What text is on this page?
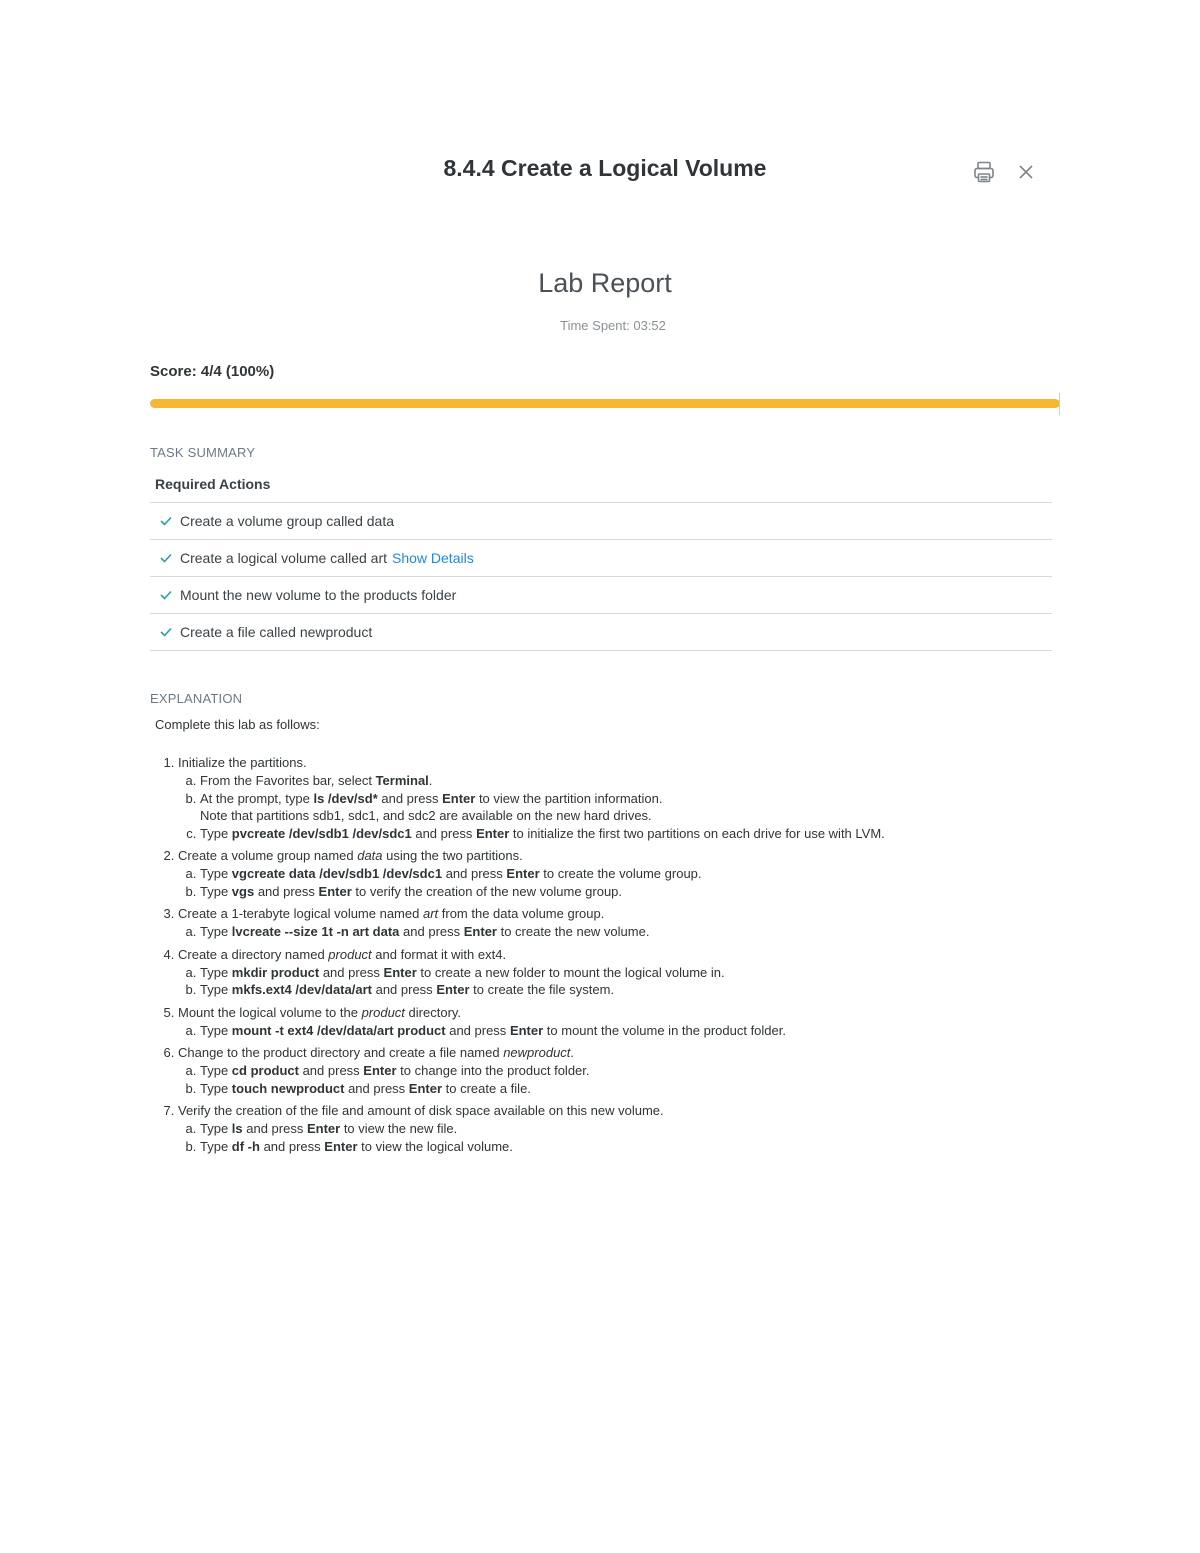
8.4.4 Create a Logical Volume
Lab Report
Time Spent: 03:52
Score: 4/4 (100%)
TASK SUMMARY
Required Actions
Create a volume group called data
Create a logical volume called art Show Details
Mount the new volume to the products folder
Create a file called newproduct
EXPLANATION
Complete this lab as follows:
1. Initialize the partitions.
a. From the Favorites bar, select Terminal.
b. At the prompt, type ls /dev/sd* and press Enter to view the partition information.
Note that partitions sdb1, sdc1, and sdc2 are available on the new hard drives.
c. Type pvcreate /dev/sdb1 /dev/sdc1 and press Enter to initialize the first two partitions on each drive for use with LVM.
2. Create a volume group named data using the two partitions.
a. Type vgcreate data /dev/sdb1 /dev/sdc1 and press Enter to create the volume group.
b. Type vgs and press Enter to verify the creation of the new volume group.
3. Create a 1-terabyte logical volume named art from the data volume group.
a. Type lvcreate --size 1t -n art data and press Enter to create the new volume.
4. Create a directory named product and format it with ext4.
a. Type mkdir product and press Enter to create a new folder to mount the logical volume in.
b. Type mkfs.ext4 /dev/data/art and press Enter to create the file system.
5. Mount the logical volume to the product directory.
a. Type mount -t ext4 /dev/data/art product and press Enter to mount the volume in the product folder.
6. Change to the product directory and create a file named newproduct.
a. Type cd product and press Enter to change into the product folder.
b. Type touch newproduct and press Enter to create a file.
7. Verify the creation of the file and amount of disk space available on this new volume.
a. Type ls and press Enter to view the new file.
b. Type df -h and press Enter to view the logical volume.
